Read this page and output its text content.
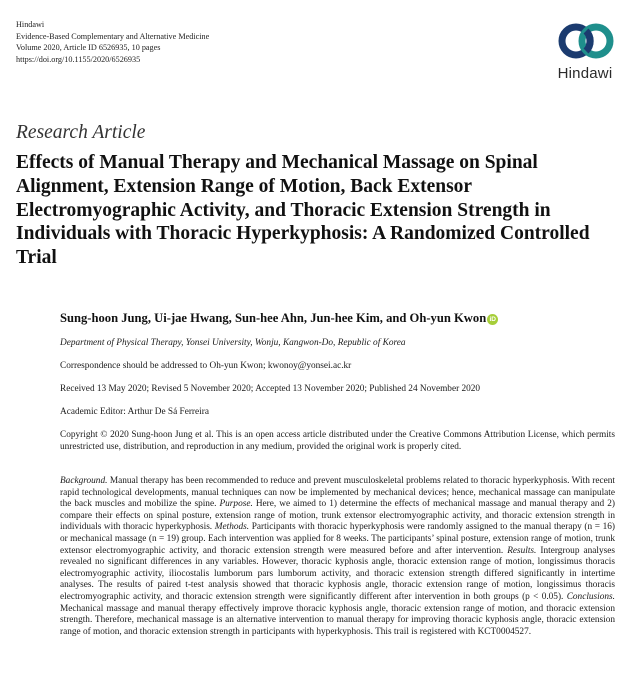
Hindawi
Evidence-Based Complementary and Alternative Medicine
Volume 2020, Article ID 6526935, 10 pages
https://doi.org/10.1155/2020/6526935
Hindawi
Research Article
Effects of Manual Therapy and Mechanical Massage on Spinal Alignment, Extension Range of Motion, Back Extensor Electromyographic Activity, and Thoracic Extension Strength in Individuals with Thoracic Hyperkyphosis: A Randomized Controlled Trial
Sung-hoon Jung, Ui-jae Hwang, Sun-hee Ahn, Jun-hee Kim, and Oh-yun Kwon iD
Department of Physical Therapy, Yonsei University, Wonju, Kangwon-Do, Republic of Korea
Correspondence should be addressed to Oh-yun Kwon; kwonoy@yonsei.ac.kr
Received 13 May 2020; Revised 5 November 2020; Accepted 13 November 2020; Published 24 November 2020
Academic Editor: Arthur De Sá Ferreira
Copyright © 2020 Sung-hoon Jung et al. This is an open access article distributed under the Creative Commons Attribution License, which permits unrestricted use, distribution, and reproduction in any medium, provided the original work is properly cited.
Background. Manual therapy has been recommended to reduce and prevent musculoskeletal problems related to thoracic hyperkyphosis. With recent rapid technological developments, manual techniques can now be implemented by mechanical devices; hence, mechanical massage can manipulate the back muscles and mobilize the spine. Purpose. Here, we aimed to 1) determine the effects of mechanical massage and manual therapy and 2) compare their effects on spinal posture, extension range of motion, trunk extensor electromyographic activity, and thoracic extension strength in individuals with thoracic hyperkyphosis. Methods. Participants with thoracic hyperkyphosis were randomly assigned to the manual therapy (n = 16) or mechanical massage (n = 19) group. Each intervention was applied for 8 weeks. The participants’ spinal posture, extension range of motion, trunk extensor electromyographic activity, and thoracic extension strength were measured before and after intervention. Results. Intergroup analyses revealed no significant differences in any variables. However, thoracic kyphosis angle, thoracic extension range of motion, longissimus thoracis electromyographic activity, iliocostalis lumborum pars lumborum activity, and thoracic extension strength differed significantly in intertime analyses. The results of paired t-test analysis showed that thoracic kyphosis angle, thoracic extension range of motion, longissimus thoracis electromyographic activity, and thoracic extension strength were significantly different after intervention in both groups (p < 0.05). Conclusions. Mechanical massage and manual therapy effectively improve thoracic kyphosis angle, thoracic extension range of motion, and thoracic extension strength. Therefore, mechanical massage is an alternative intervention to manual therapy for improving thoracic kyphosis angle, thoracic extension range of motion, and thoracic extension strength in participants with hyperkyphosis. This trail is registered with KCT0004527.
